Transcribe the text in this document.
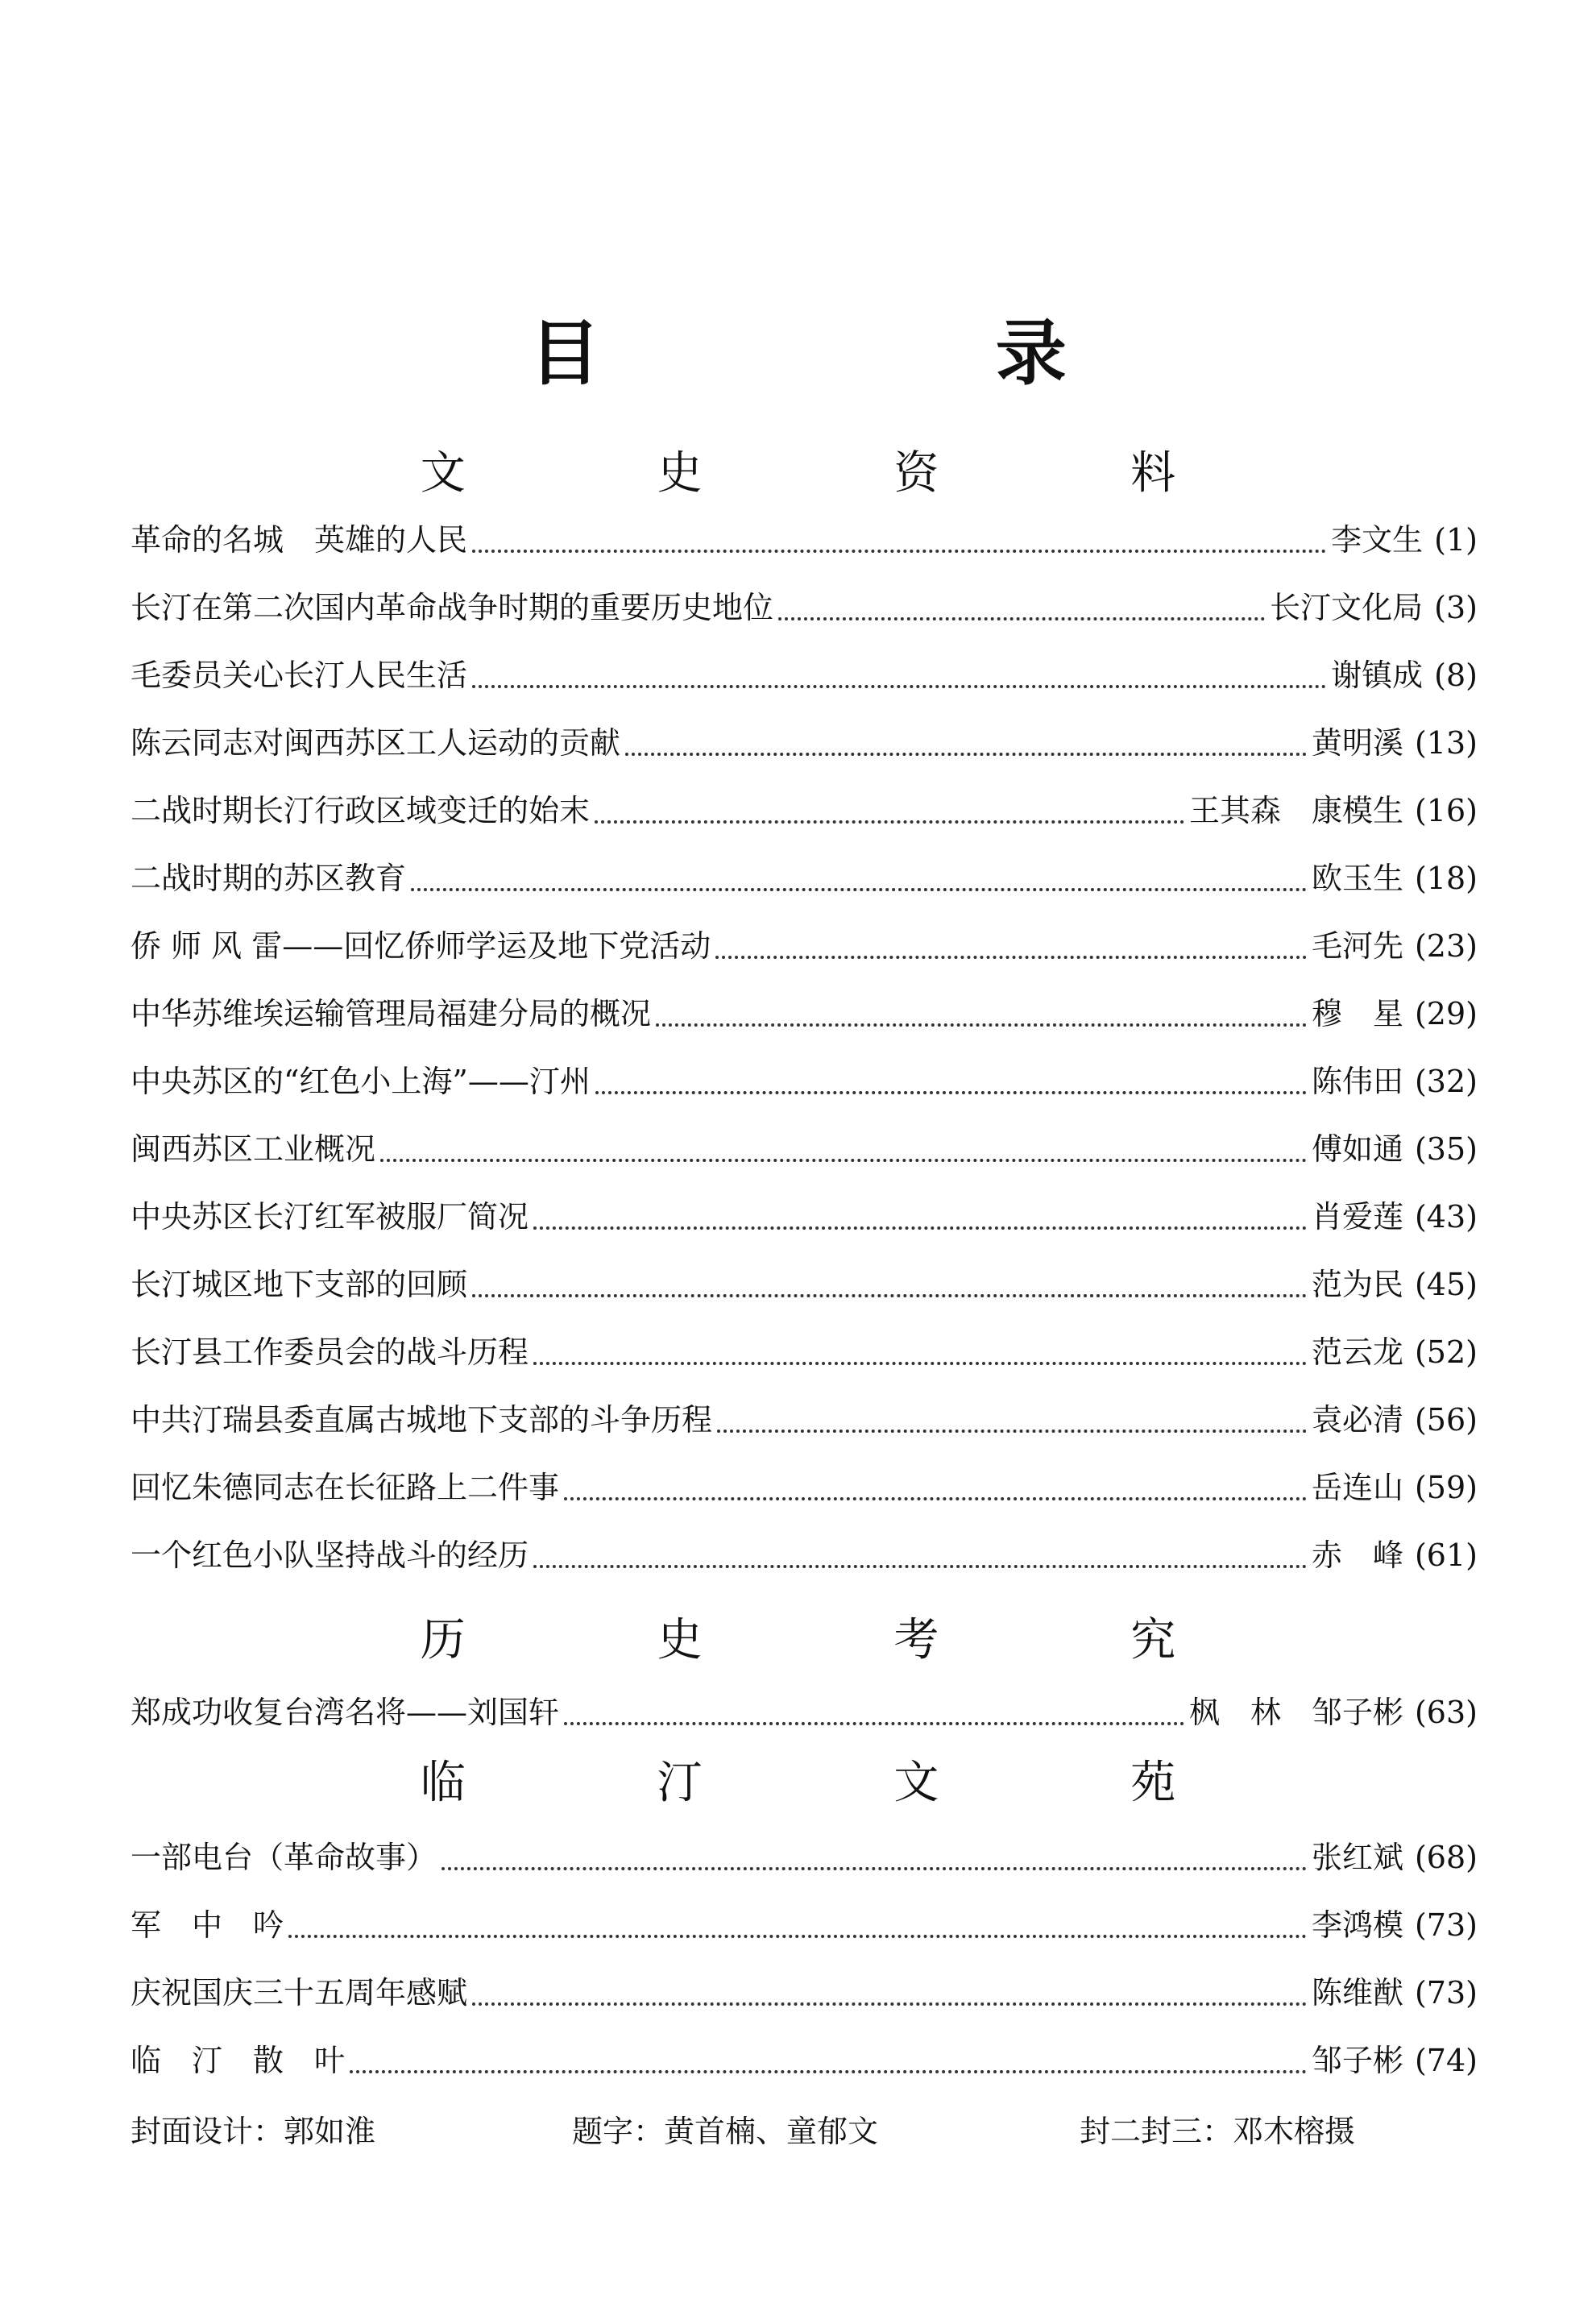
目 录
文 史 资 料
革命的名城　英雄的人民	李文生 (1)
长汀在第二次国内革命战争时期的重要历史地位	长汀文化局 (3)
毛委员关心长汀人民生活	谢镇成 (8)
陈云同志对闽西苏区工人运动的贡献	黄明溪 (13)
二战时期长汀行政区域变迁的始末	王其森　康模生 (16)
二战时期的苏区教育	欧玉生 (18)
侨 师 风 雷——回忆侨师学运及地下党活动	毛河先 (23)
中华苏维埃运输管理局福建分局的概况	穆　星 (29)
中央苏区的“红色小上海”——汀州	陈伟田 (32)
闽西苏区工业概况	傅如通 (35)
中央苏区长汀红军被服厂简况	肖爱莲 (43)
长汀城区地下支部的回顾	范为民 (45)
长汀县工作委员会的战斗历程	范云龙 (52)
中共汀瑞县委直属古城地下支部的斗争历程	袁必清 (56)
回忆朱德同志在长征路上二件事	岳连山 (59)
一个红色小队坚持战斗的经历	赤　峰 (61)
历 史 考 究
郑成功收复台湾名将——刘国轩	枫　林　邹子彬 (63)
临 汀 文 苑
一部电台（革命故事）	张红斌 (68)
军　中　吟	李鸿模 (73)
庆祝国庆三十五周年感赋	陈维猷 (73)
临　汀　散　叶	邹子彬 (74)
封面设计：郭如淮	题字：黄首楠、童郁文	封二封三：邓木榕摄
